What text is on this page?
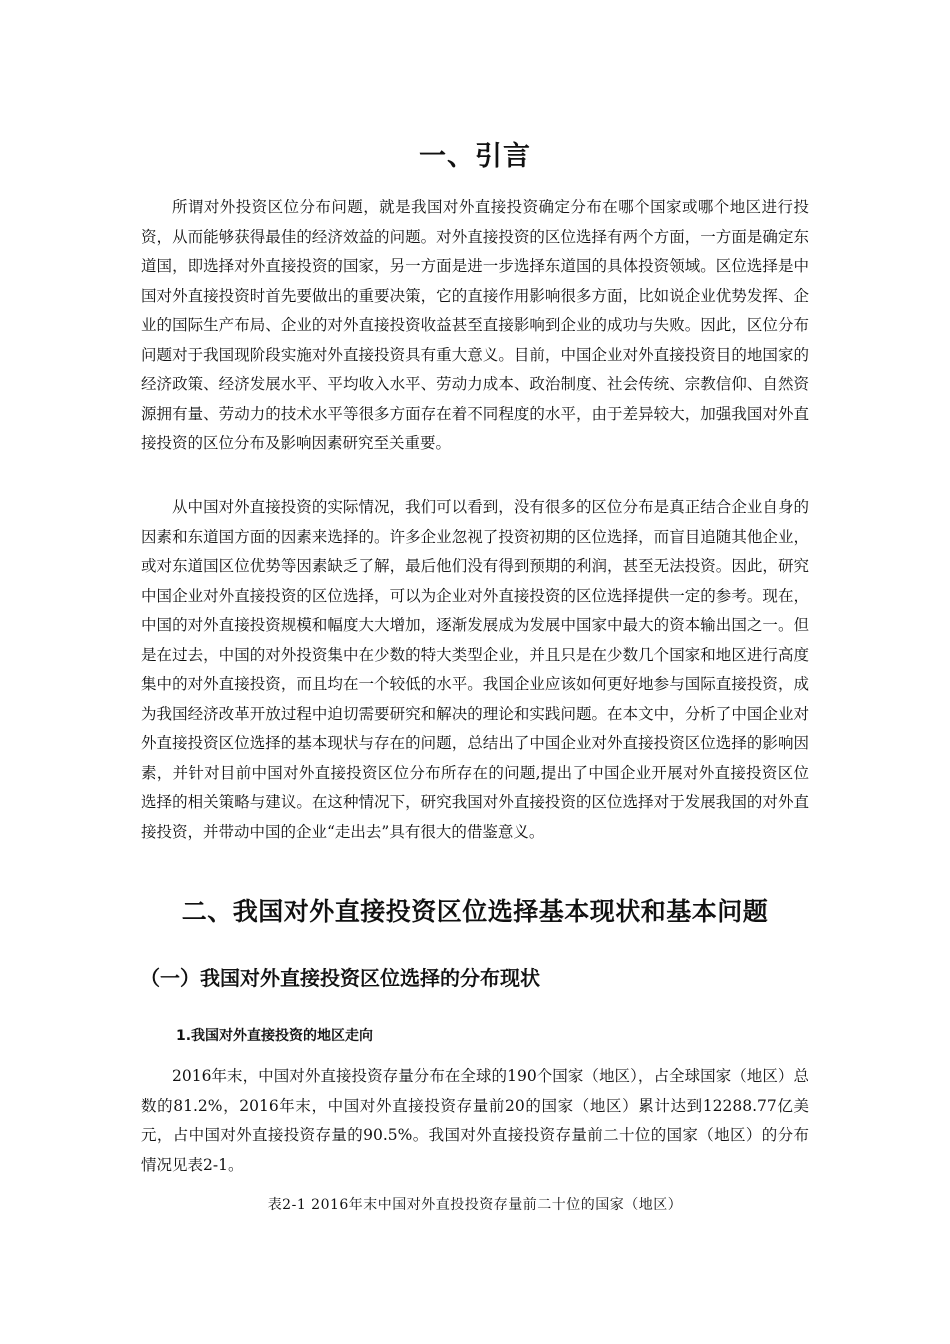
一、引言

所谓对外投资区位分布问题，就是我国对外直接投资确定分布在哪个国家或哪个地区进行投资，从而能够获得最佳的经济效益的问题。对外直接投资的区位选择有两个方面，一方面是确定东道国，即选择对外直接投资的国家，另一方面是进一步选择东道国的具体投资领域。区位选择是中国对外直接投资时首先要做出的重要决策，它的直接作用影响很多方面，比如说企业优势发挥、企业的国际生产布局、企业的对外直接投资收益甚至直接影响到企业的成功与失败。因此，区位分布问题对于我国现阶段实施对外直接投资具有重大意义。目前，中国企业对外直接投资目的地国家的经济政策、经济发展水平、平均收入水平、劳动力成本、政治制度、社会传统、宗教信仰、自然资源拥有量、劳动力的技术水平等很多方面存在着不同程度的水平，由于差异较大，加强我国对外直接投资的区位分布及影响因素研究至关重要。

从中国对外直接投资的实际情况，我们可以看到，没有很多的区位分布是真正结合企业自身的因素和东道国方面的因素来选择的。许多企业忽视了投资初期的区位选择，而盲目追随其他企业，或对东道国区位优势等因素缺乏了解，最后他们没有得到预期的利润，甚至无法投资。因此，研究中国企业对外直接投资的区位选择，可以为企业对外直接投资的区位选择提供一定的参考。现在，中国的对外直接投资规模和幅度大大增加，逐渐发展成为发展中国家中最大的资本输出国之一。但是在过去，中国的对外投资集中在少数的特大类型企业，并且只是在少数几个国家和地区进行高度集中的对外直接投资，而且均在一个较低的水平。我国企业应该如何更好地参与国际直接投资，成为我国经济改革开放过程中迫切需要研究和解决的理论和实践问题。在本文中，分析了中国企业对外直接投资区位选择的基本现状与存在的问题，总结出了中国企业对外直接投资区位选择的影响因素，并针对目前中国对外直接投资区位分布所存在的问题,提出了中国企业开展对外直接投资区位选择的相关策略与建议。在这种情况下，研究我国对外直接投资的区位选择对于发展我国的对外直接投资，并带动中国的企业“走出去”具有很大的借鉴意义。

二、我国对外直接投资区位选择基本现状和基本问题
（一）我国对外直接投资区位选择的分布现状
1.我国对外直接投资的地区走向

2016年末，中国对外直接投资存量分布在全球的190个国家（地区），占全球国家（地区）总数的81.2%，2016年末，中国对外直接投资存量前20的国家（地区）累计达到12288.77亿美元，占中国对外直接投资存量的90.5%。我国对外直接投资存量前二十位的国家（地区）的分布情况见表2-1。

表2-1 2016年末中国对外直投投资存量前二十位的国家（地区）
